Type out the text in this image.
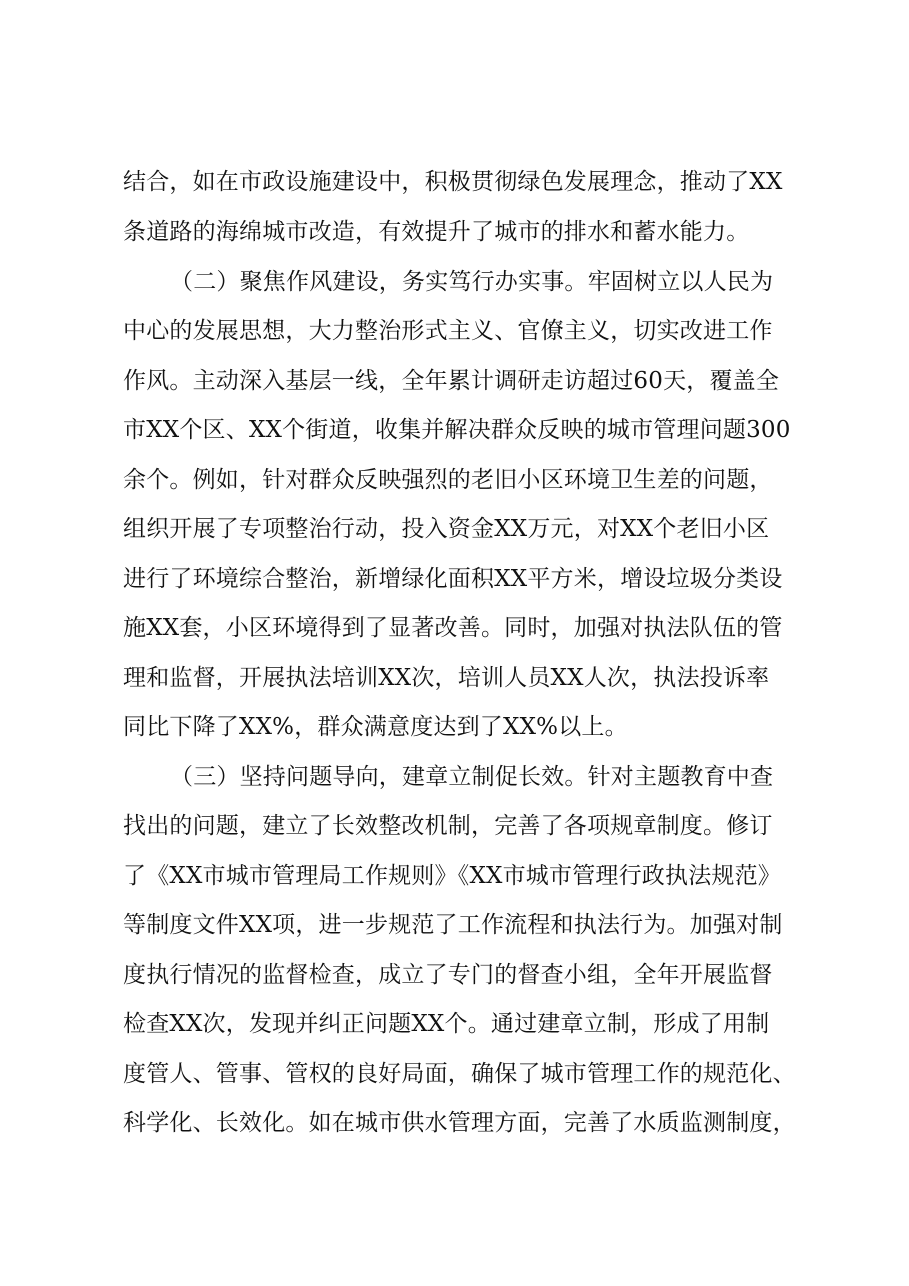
结合，如在市政设施建设中，积极贯彻绿色发展理念，推动了XX
条道路的海绵城市改造，有效提升了城市的排水和蓄水能力。
（二）聚焦作风建设，务实笃行办实事。牢固树立以人民为
中心的发展思想，大力整治形式主义、官僚主义，切实改进工作
作风。主动深入基层一线，全年累计调研走访超过60天，覆盖全
市XX个区、XX个街道，收集并解决群众反映的城市管理问题300
余个。例如，针对群众反映强烈的老旧小区环境卫生差的问题，
组织开展了专项整治行动，投入资金XX万元，对XX个老旧小区
进行了环境综合整治，新增绿化面积XX平方米，增设垃圾分类设
施XX套，小区环境得到了显著改善。同时，加强对执法队伍的管
理和监督，开展执法培训XX次，培训人员XX人次，执法投诉率
同比下降了XX%，群众满意度达到了XX%以上。
（三）坚持问题导向，建章立制促长效。针对主题教育中查
找出的问题，建立了长效整改机制，完善了各项规章制度。修订
了《XX市城市管理局工作规则》《XX市城市管理行政执法规范》
等制度文件XX项，进一步规范了工作流程和执法行为。加强对制
度执行情况的监督检查，成立了专门的督查小组，全年开展监督
检查XX次，发现并纠正问题XX个。通过建章立制，形成了用制
度管人、管事、管权的良好局面，确保了城市管理工作的规范化、
科学化、长效化。如在城市供水管理方面，完善了水质监测制度，
